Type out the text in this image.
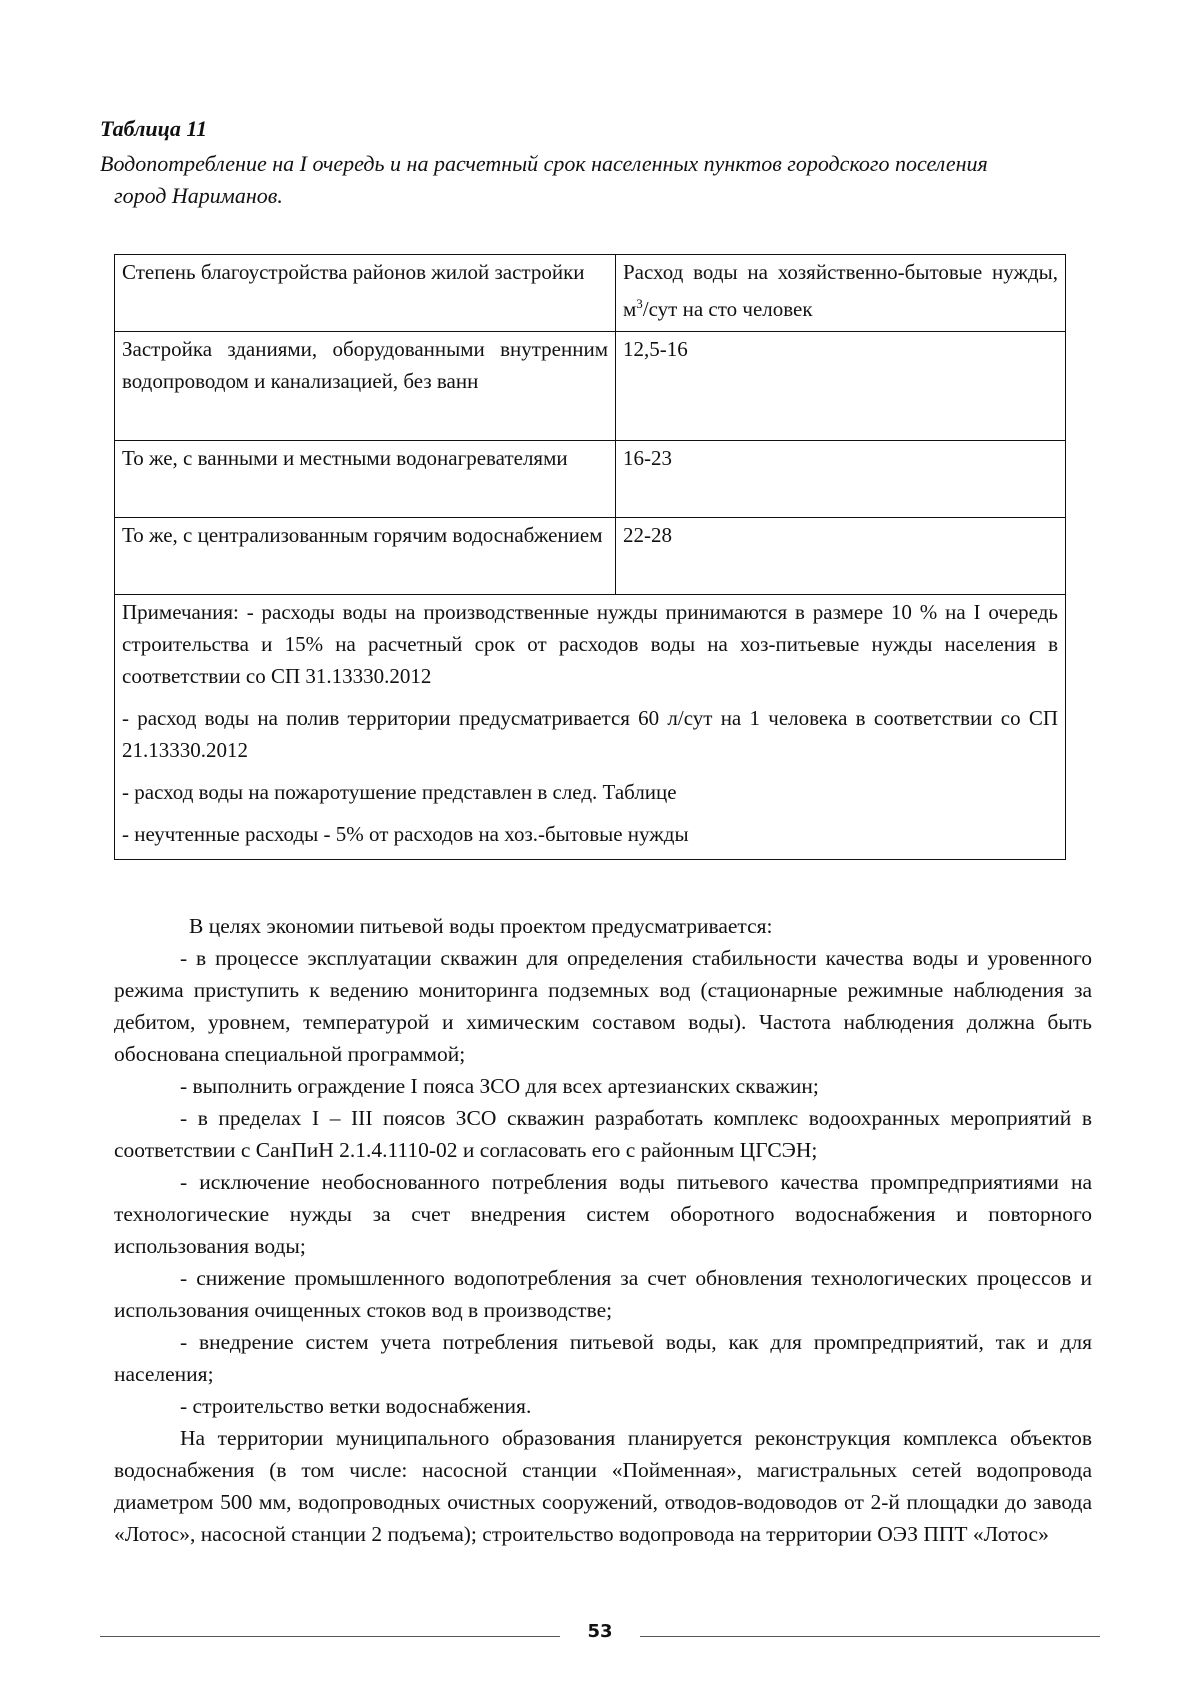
Таблица 11
Водопотребление на I очередь и на расчетный срок населенных пунктов городского поселения
город Нариманов.
Степень благоустройства районов жилой застройки	Расход воды на хозяйственно-бытовые нужды, $м^3$/сут на сто человек
Застройка зданиями, оборудованными внутренним водопроводом и канализацией, без ванн	12,5-16
То же, с ванными и местными водонагревателями	16-23
То же, с централизованным горячим водоснабжением	22-28

Примечания: - расходы воды на производственные нужды принимаются в размере 10 % на I очередь строительства и 15% на расчетный срок от расходов воды на хоз-питьевые нужды населения в соответствии со СП 31.13330.2012

- расход воды на полив территории предусматривается 60 л/сут на 1 человека в соответствии со СП 21.13330.2012

- расход воды на пожаротушение представлен в след. Таблице

- неучтенные расходы - 5% от расходов на хоз.-бытовые нужды	

В целях экономии питьевой воды проектом предусматривается:

- в процессе эксплуатации скважин для определения стабильности качества воды и уровенного режима приступить к ведению мониторинга подземных вод (стационарные режимные наблюдения за дебитом, уровнем, температурой и химическим составом воды). Частота наблюдения должна быть обоснована специальной программой;

- выполнить ограждение I пояса ЗСО для всех артезианских скважин;

- в пределах I – III поясов ЗСО скважин разработать комплекс водоохранных мероприятий в соответствии с СанПиН 2.1.4.1110-02 и согласовать его с районным ЦГСЭН;

- исключение необоснованного потребления воды питьевого качества промпредприятиями на технологические нужды за счет внедрения систем оборотного водоснабжения и повторного использования воды;

- снижение промышленного водопотребления за счет обновления технологических процессов и использования очищенных стоков вод в производстве;

- внедрение систем учета потребления питьевой воды, как для промпредприятий, так и для населения;

- строительство ветки водоснабжения.

На территории муниципального образования планируется реконструкция комплекса объектов водоснабжения (в том числе: насосной станции «Пойменная», магистральных сетей водопровода диаметром 500 мм, водопроводных очистных сооружений, отводов-водоводов от 2-й площадки до завода «Лотос», насосной станции 2 подъема); строительство водопровода на территории ОЭЗ ППТ «Лотос»

53
